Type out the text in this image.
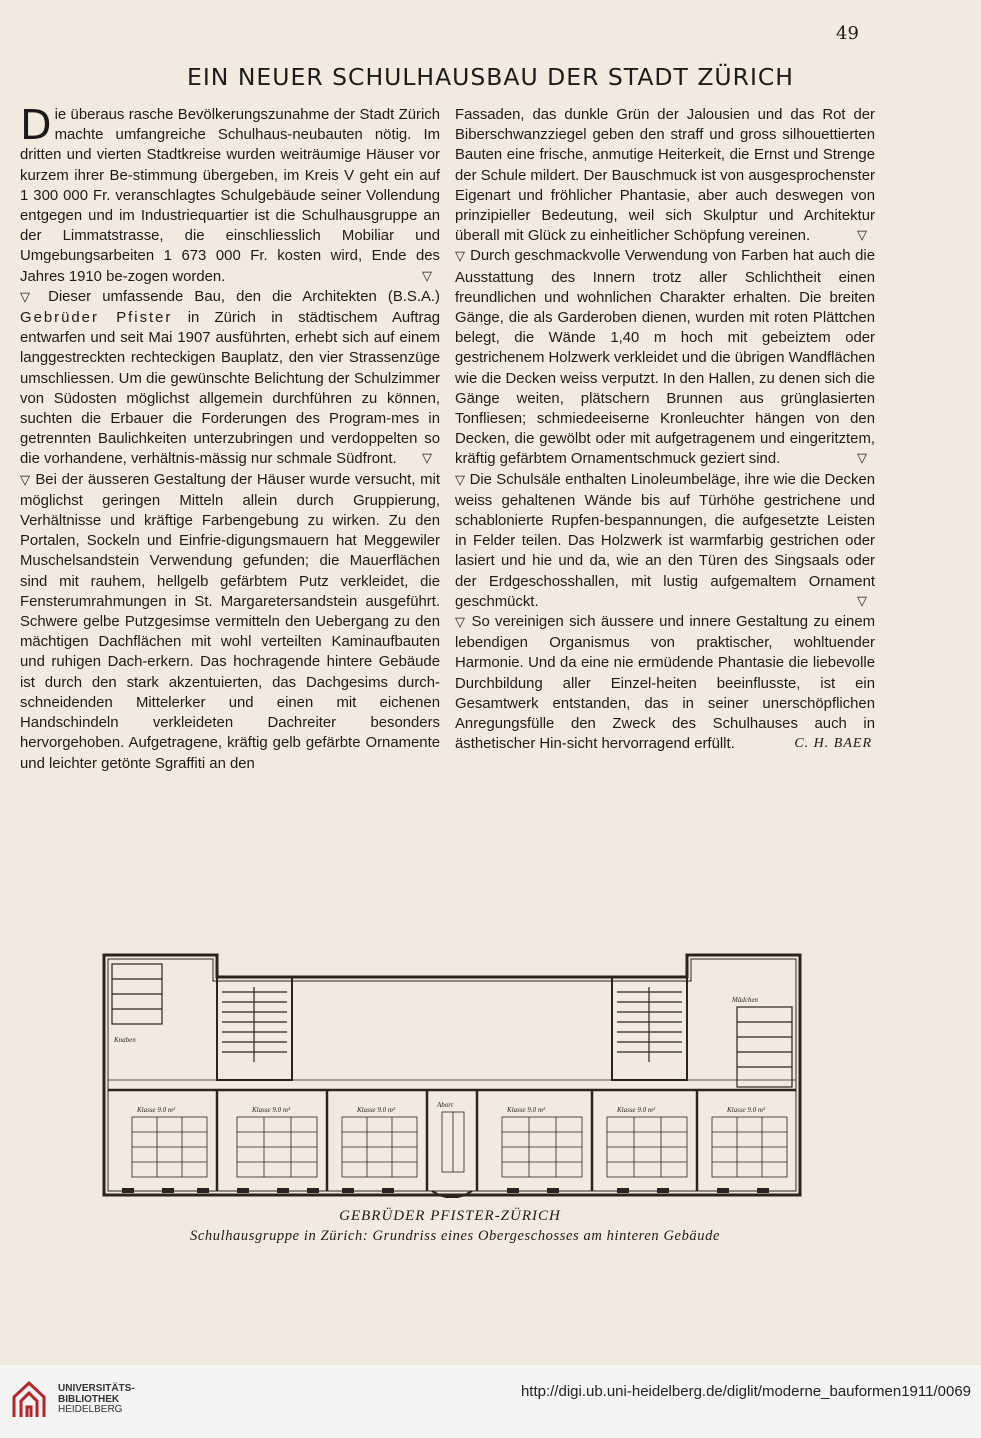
49
EIN NEUER SCHULHAUSBAU DER STADT ZÜRICH

Die überaus rasche Bevölkerungszunahme der Stadt Zürich machte umfangreiche Schulhaus-neubauten nötig. Im dritten und vierten Stadtkreise wurden weiträumige Häuser vor kurzem ihrer Be-stimmung übergeben, im Kreis V geht ein auf 1 300 000 Fr. veranschlagtes Schulgebäude seiner Vollendung entgegen und im Industriequartier ist die Schulhausgruppe an der Limmatstrasse, die einschliesslich Mobiliar und Umgebungsarbeiten 1 673 000 Fr. kosten wird, Ende des Jahres 1910 be-zogen worden.	▽

▽ Dieser umfassende Bau, den die Architekten (B.S.A.) Gebrüder Pfister in Zürich in städtischem Auftrag entwarfen und seit Mai 1907 ausführten, erhebt sich auf einem langgestreckten rechteckigen Bauplatz, den vier Strassenzüge umschliessen. Um die gewünschte Belichtung der Schulzimmer von Südosten möglichst allgemein durchführen zu können, suchten die Erbauer die Forderungen des Program-mes in getrennten Baulichkeiten unterzubringen und verdoppelten so die vorhandene, verhältnis-mässig nur schmale Südfront. ▽

▽ Bei der äusseren Gestaltung der Häuser wurde versucht, mit möglichst geringen Mitteln allein durch Gruppierung, Verhältnisse und kräftige Farbengebung zu wirken. Zu den Portalen, Sockeln und Einfrie-digungsmauern hat Meggewiler Muschelsandstein Verwendung gefunden; die Mauerflächen sind mit rauhem, hellgelb gefärbtem Putz verkleidet, die Fensterumrahmungen in St. Margaretersandstein ausgeführt. Schwere gelbe Putzgesimse vermitteln den Uebergang zu den mächtigen Dachflächen mit wohl verteilten Kaminaufbauten und ruhigen Dach-erkern. Das hochragende hintere Gebäude ist durch den stark akzentuierten, das Dachgesims durch-schneidenden Mittelerker und einen mit eichenen Handschindeln verkleideten Dachreiter besonders hervorgehoben. Aufgetragene, kräftig gelb gefärbte Ornamente und leichter getönte Sgraffiti an den

Fassaden, das dunkle Grün der Jalousien und das Rot der Biberschwanzziegel geben den straff und gross silhouettierten Bauten eine frische, anmutige Heiterkeit, die Ernst und Strenge der Schule mildert. Der Bauschmuck ist von ausgesprochenster Eigenart und fröhlicher Phantasie, aber auch deswegen von prinzipieller Bedeutung, weil sich Skulptur und Architektur überall mit Glück zu einheitlicher Schöpfung vereinen.	▽

▽ Durch geschmackvolle Verwendung von Farben hat auch die Ausstattung des Innern trotz aller Schlichtheit einen freundlichen und wohnlichen Charakter erhalten. Die breiten Gänge, die als Garderoben dienen, wurden mit roten Plättchen belegt, die Wände 1,40 m hoch mit gebeiztem oder gestrichenem Holzwerk verkleidet und die übrigen Wandflächen wie die Decken weiss verputzt. In den Hallen, zu denen sich die Gänge weiten, plätschern Brunnen aus grünglasierten Tonfliesen; schmiedeeiserne Kronleuchter hängen von den Decken, die gewölbt oder mit aufgetragenem und eingeritztem, kräftig gefärbtem Ornamentschmuck geziert sind.	▽

▽ Die Schulsäle enthalten Linoleumbeläge, ihre wie die Decken weiss gehaltenen Wände bis auf Türhöhe gestrichene und schablonierte Rupfen-bespannungen, die aufgesetzte Leisten in Felder teilen. Das Holzwerk ist warmfarbig gestrichen oder lasiert und hie und da, wie an den Türen des Singsaals oder der Erdgeschosshallen, mit lustig aufgemaltem Ornament geschmückt.	▽

▽ So vereinigen sich äussere und innere Gestaltung zu einem lebendigen Organismus von praktischer, wohltuender Harmonie. Und da eine nie ermüdende Phantasie die liebevolle Durchbildung aller Einzel-heiten beeinflusste, ist ein Gesamtwerk entstanden, das in seiner unerschöpflichen Anregungsfülle den Zweck des Schulhauses auch in ästhetischer Hin-sicht hervorragend erfüllt.	C. H. BAER

Mädchen
Knaben
Klasse 9.0 m²	Klasse 9.0 m²	Klasse 9.0 m²
Abort
Klasse 9.0 m²	Klasse 9.0 m²	Klasse 9.0 m²
GEBRÜDER PFISTER-ZÜRICH
Schulhausgruppe in Zürich: Grundriss eines Obergeschosses am hinteren Gebäude
UNIVERSITÄTS-
BIBLIOTHEK
HEIDELBERG
http://digi.ub.uni-heidelberg.de/diglit/moderne_bauformen1911/0069
